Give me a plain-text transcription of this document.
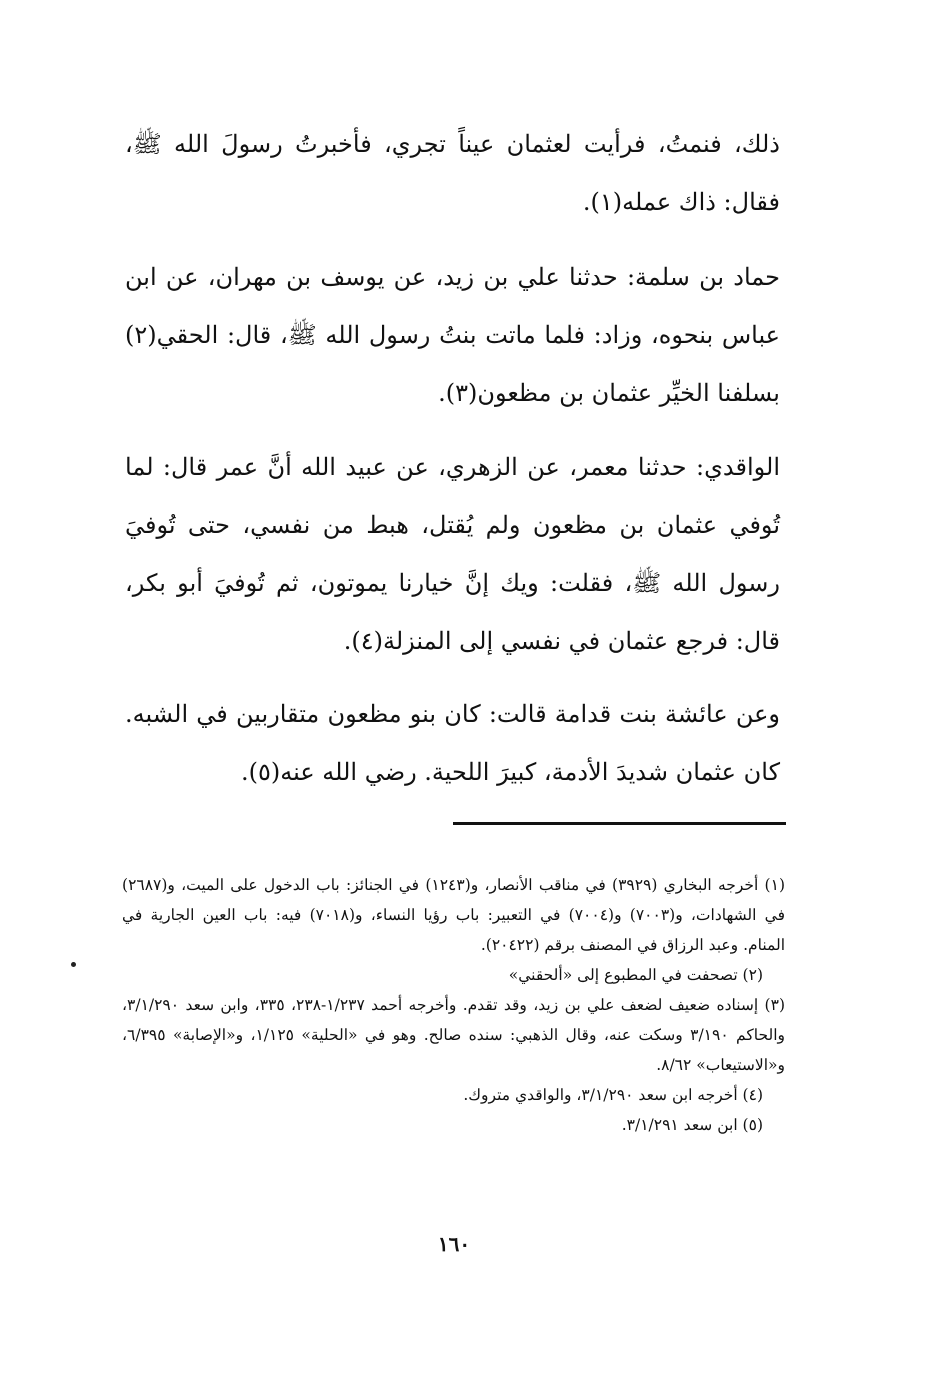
ذلك، فنمتُ، فرأيت لعثمان عيناً تجري، فأخبرتُ رسولَ الله ﷺ، فقال: ذاك عمله(١).

حماد بن سلمة: حدثنا علي بن زيد، عن يوسف بن مهران، عن ابن عباس بنحوه، وزاد: فلما ماتت بنتُ رسول الله ﷺ، قال: الحقي(٢) بسلفنا الخيِّر عثمان بن مظعون(٣).

الواقدي: حدثنا معمر، عن الزهري، عن عبيد الله أنَّ عمر قال: لما تُوفي عثمان بن مظعون ولم يُقتل، هبط من نفسي، حتى تُوفيَ رسول الله ﷺ، فقلت: ويك إنَّ خيارنا يموتون، ثم تُوفيَ أبو بكر، قال: فرجع عثمان في نفسي إلى المنزلة(٤).

وعن عائشة بنت قدامة قالت: كان بنو مظعون متقاربين في الشبه. كان عثمان شديدَ الأدمة، كبيرَ اللحية. رضي الله عنه(٥).

(١) أخرجه البخاري (٣٩٢٩) في مناقب الأنصار، و(١٢٤٣) في الجنائز: باب الدخول على الميت، و(٢٦٨٧) في الشهادات، و(٧٠٠٣) و(٧٠٠٤) في التعبير: باب رؤيا النساء، و(٧٠١٨) فيه: باب العين الجارية في المنام. وعبد الرزاق في المصنف برقم (٢٠٤٢٢).

(٢) تصحفت في المطبوع إلى «ألحقني»

(٣) إسناده ضعيف لضعف علي بن زيد، وقد تقدم. وأخرجه أحمد ١/٢٣٧-٢٣٨، ٣٣٥، وابن سعد ٣/١/٢٩٠، والحاكم ٣/١٩٠ وسكت عنه، وقال الذهبي: سنده صالح. وهو في «الحلية» ١/١٢٥، و«الإصابة» ٦/٣٩٥، و«الاستيعاب» ٨/٦٢.

(٤) أخرجه ابن سعد ٣/١/٢٩٠، والواقدي متروك.

(٥) ابن سعد ٣/١/٢٩١.

١٦٠
